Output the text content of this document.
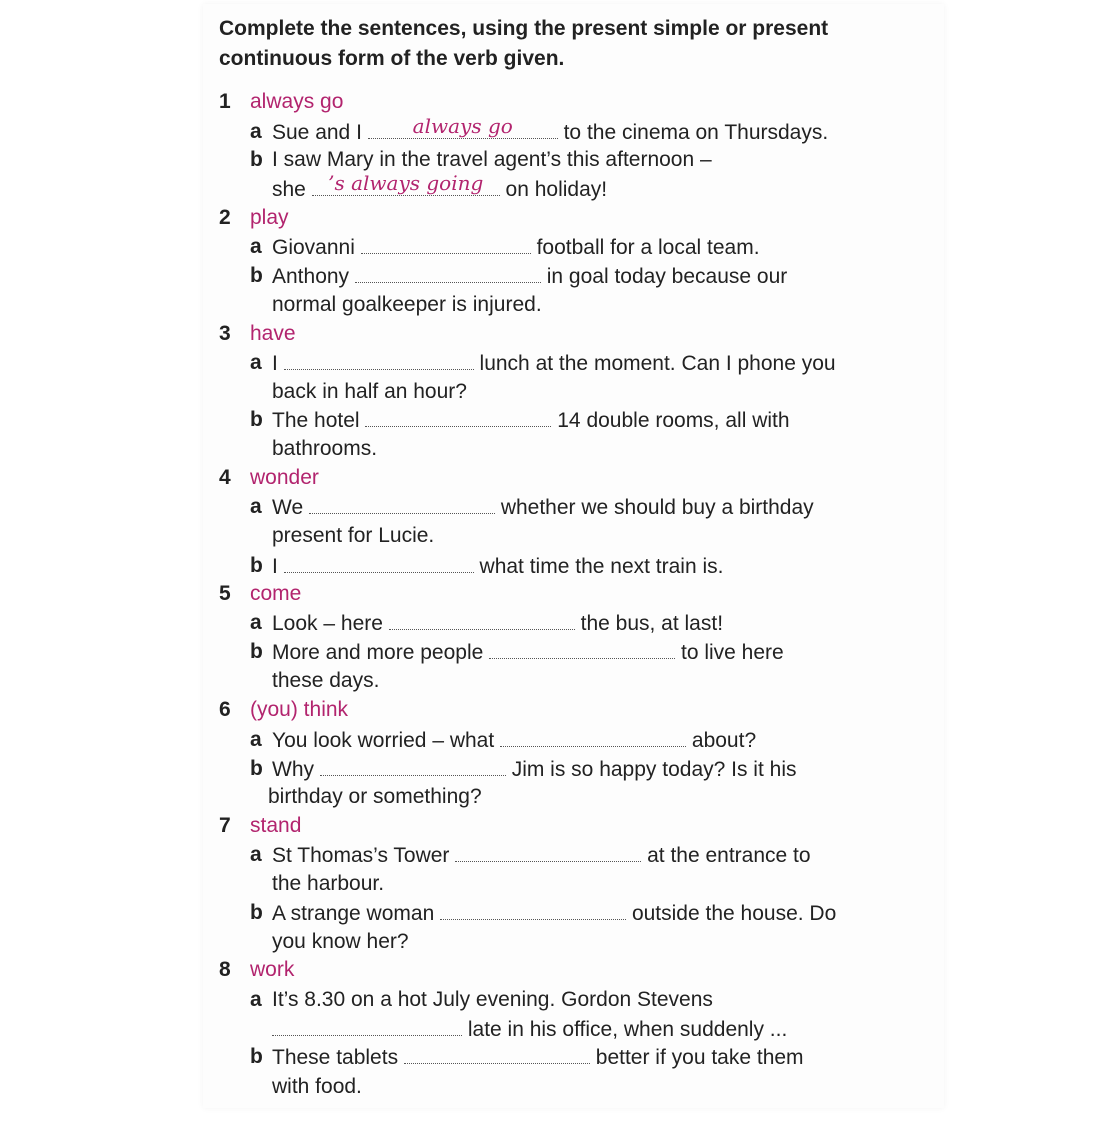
Complete the sentences, using the present simple or present continuous form of the verb given.
1 always go
a Sue and I	always go	to the cinema on Thursdays.
b I saw Mary in the travel agent’s this afternoon –
she	’s always going	on holiday!
2 play
a Giovanni	football for a local team.
b Anthony	in goal today because our
normal goalkeeper is injured.
3 have
a I	lunch at the moment. Can I phone you
back in half an hour?
b The hotel	14 double rooms, all with
bathrooms.
4 wonder
a We	whether we should buy a birthday
present for Lucie.
b I	what time the next train is.
5 come
a Look – here	the bus, at last!
b More and more people	to live here
these days.
6 (you) think
a You look worried – what	about?
b Why	Jim is so happy today? Is it his
birthday or something?
7 stand
a St Thomas’s Tower	at the entrance to
the harbour.
b A strange woman	outside the house. Do
you know her?
8 work
a It’s 8.30 on a hot July evening. Gordon Stevens
late in his office, when suddenly ...
b These tablets	better if you take them
with food.
